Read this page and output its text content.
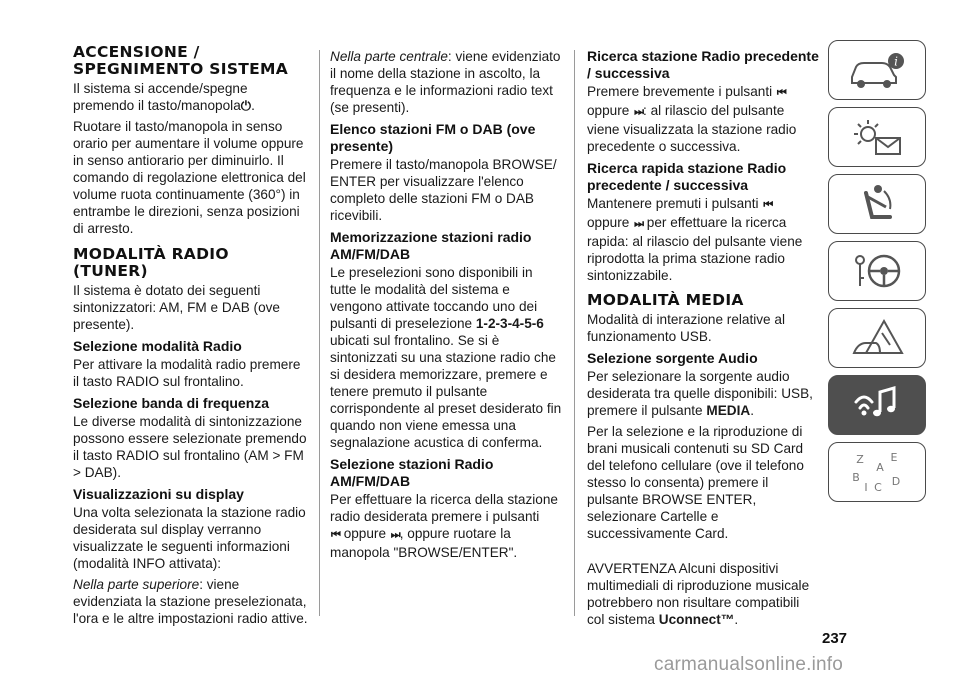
ACCENSIONE / SPEGNIMENTO SISTEMA

Il sistema si accende/spegne premendo il tasto/manopola⏻.

Ruotare il tasto/manopola in senso orario per aumentare il volume oppure in senso antiorario per diminuirlo. Il comando di regolazione elettronica del volume ruota continuamente (360°) in entrambe le direzioni, senza posizioni di arresto.

MODALITÀ RADIO (TUNER)

Il sistema è dotato dei seguenti sintonizzatori: AM, FM e DAB (ove presente).

Selezione modalità Radio

Per attivare la modalità radio premere il tasto RADIO sul frontalino.

Selezione banda di frequenza

Le diverse modalità di sintonizzazione possono essere selezionate premendo il tasto RADIO sul frontalino (AM > FM > DAB).

Visualizzazioni su display

Una volta selezionata la stazione radio desiderata sul display verranno visualizzate le seguenti informazioni (modalità INFO attivata):

Nella parte superiore: viene evidenziata la stazione preselezionata, l'ora e le altre impostazioni radio attive.

Nella parte centrale: viene evidenziato il nome della stazione in ascolto, la frequenza e le informazioni radio text (se presenti).

Elenco stazioni FM o DAB (ove presente)

Premere il tasto/manopola BROWSE/ ENTER per visualizzare l'elenco completo delle stazioni FM o DAB ricevibili.

Memorizzazione stazioni radio AM/FM/DAB

Le preselezioni sono disponibili in tutte le modalità del sistema e vengono attivate toccando uno dei pulsanti di preselezione 1-2-3-4-5-6 ubicati sul frontalino. Se si è sintonizzati su una stazione radio che si desidera memorizzare, premere e tenere premuto il pulsante corrispondente al preset desiderato fin quando non viene emessa una segnalazione acustica di conferma.

Selezione stazioni Radio AM/FM/DAB

Per effettuare la ricerca della stazione radio desiderata premere i pulsanti
⏮ oppure ⏭, oppure ruotare la manopola "BROWSE/ENTER".

Ricerca stazione Radio precedente / successiva

Premere brevemente i pulsanti ⏮
oppure ⏭: al rilascio del pulsante viene visualizzata la stazione radio precedente o successiva.

Ricerca rapida stazione Radio precedente / successiva

Mantenere premuti i pulsanti ⏮
oppure ⏭ per effettuare la ricerca rapida: al rilascio del pulsante viene riprodotta la prima stazione radio sintonizzabile.

MODALITÀ MEDIA

Modalità di interazione relative al funzionamento USB.

Selezione sorgente Audio

Per selezionare la sorgente audio desiderata tra quelle disponibili: USB, premere il pulsante MEDIA.

Per la selezione e la riproduzione di brani musicali contenuti su SD Card del telefono cellulare (ove il telefono stesso lo consenta) premere il pulsante BROWSE ENTER, selezionare Cartelle e successivamente Card.

AVVERTENZA Alcuni dispositivi multimediali di riproduzione musicale potrebbero non risultare compatibili col sistema Uconnect™.

i
Z E
A
B
I C D
237
carmanualsonline.info
